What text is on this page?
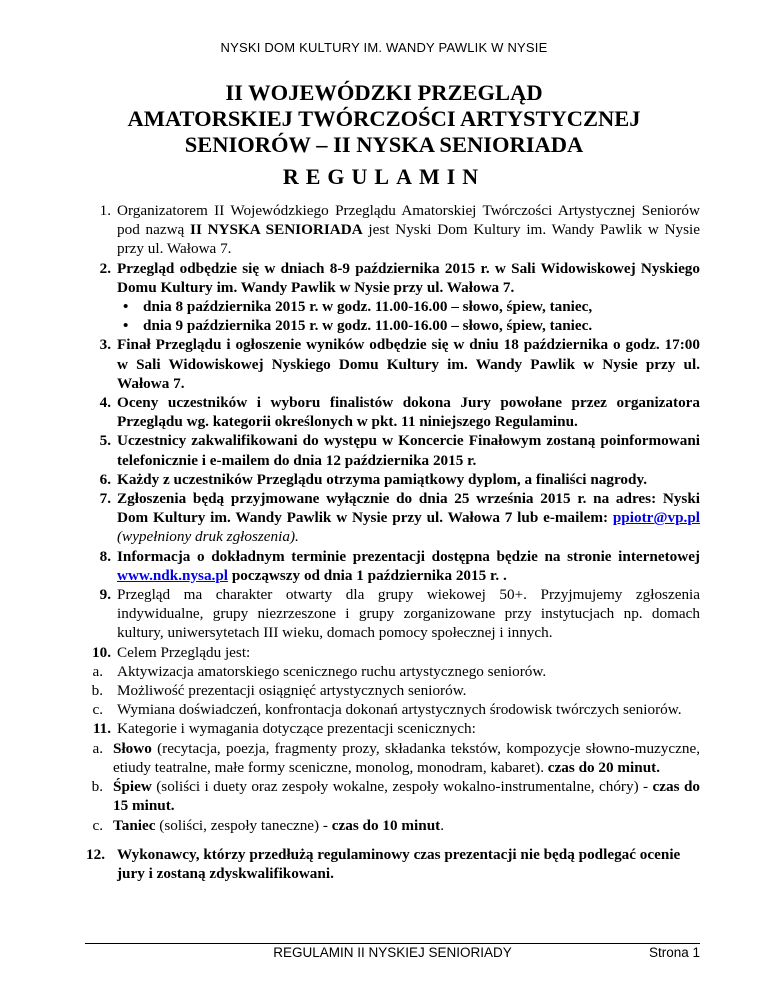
NYSKI DOM KULTURY IM. WANDY PAWLIK W NYSIE
II WOJEWÓDZKI PRZEGLĄD
AMATORSKIEJ TWÓRCZOŚCI ARTYSTYCZNEJ
SENIORÓW – II NYSKA SENIORIADA
REGULAMIN
1. Organizatorem II Wojewódzkiego Przeglądu Amatorskiej Twórczości Artystycznej Seniorów pod nazwą II NYSKA SENIORIADA jest Nyski Dom Kultury im. Wandy Pawlik w Nysie przy ul. Wałowa 7.
2. Przegląd odbędzie się w dniach 8-9 października 2015 r. w Sali Widowiskowej Nyskiego Domu Kultury im. Wandy Pawlik w Nysie przy ul. Wałowa 7.
• dnia 8 października 2015 r. w godz. 11.00-16.00 – słowo, śpiew, taniec,
• dnia 9 października 2015 r. w godz. 11.00-16.00 – słowo, śpiew, taniec.
3. Finał Przeglądu i ogłoszenie wyników odbędzie się w dniu 18 października o godz. 17:00 w Sali Widowiskowej Nyskiego Domu Kultury im. Wandy Pawlik w Nysie przy ul. Wałowa 7.
4. Oceny uczestników i wyboru finalistów dokona Jury powołane przez organizatora Przeglądu wg. kategorii określonych w pkt. 11 niniejszego Regulaminu.
5. Uczestnicy zakwalifikowani do występu w Koncercie Finałowym zostaną poinformowani telefonicznie i e-mailem do dnia 12 października 2015 r.
6. Każdy z uczestników Przeglądu otrzyma pamiątkowy dyplom, a finaliści nagrody.
7. Zgłoszenia będą przyjmowane wyłącznie do dnia 25 września 2015 r. na adres: Nyski Dom Kultury im. Wandy Pawlik w Nysie przy ul. Wałowa 7 lub e-mailem: ppiotr@vp.pl (wypełniony druk zgłoszenia).
8. Informacja o dokładnym terminie prezentacji dostępna będzie na stronie internetowej www.ndk.nysa.pl począwszy od dnia 1 października 2015 r. .
9. Przegląd ma charakter otwarty dla grupy wiekowej 50+. Przyjmujemy zgłoszenia indywidualne, grupy niezrzeszone i grupy zorganizowane przy instytucjach np. domach kultury, uniwersytetach III wieku, domach pomocy społecznej i innych.
10. Celem Przeglądu jest:
a. Aktywizacja amatorskiego scenicznego ruchu artystycznego seniorów.
b. Możliwość prezentacji osiągnięć artystycznych seniorów.
c. Wymiana doświadczeń, konfrontacja dokonań artystycznych środowisk twórczych seniorów.
11. Kategorie i wymagania dotyczące prezentacji scenicznych:
a. Słowo (recytacja, poezja, fragmenty prozy, składanka tekstów, kompozycje słowno-muzyczne, etiudy teatralne, małe formy sceniczne, monolog, monodram, kabaret). czas do 20 minut.
b. Śpiew (soliści i duety oraz zespoły wokalne, zespoły wokalno-instrumentalne, chóry) - czas do 15 minut.
c. Taniec (soliści, zespoły taneczne) - czas do 10 minut.
12. Wykonawcy, którzy przedłużą regulaminowy czas prezentacji nie będą podlegać ocenie jury i zostaną zdyskwalifikowani.
REGULAMIN II NYSKIEJ SENIORIADY	Strona 1
